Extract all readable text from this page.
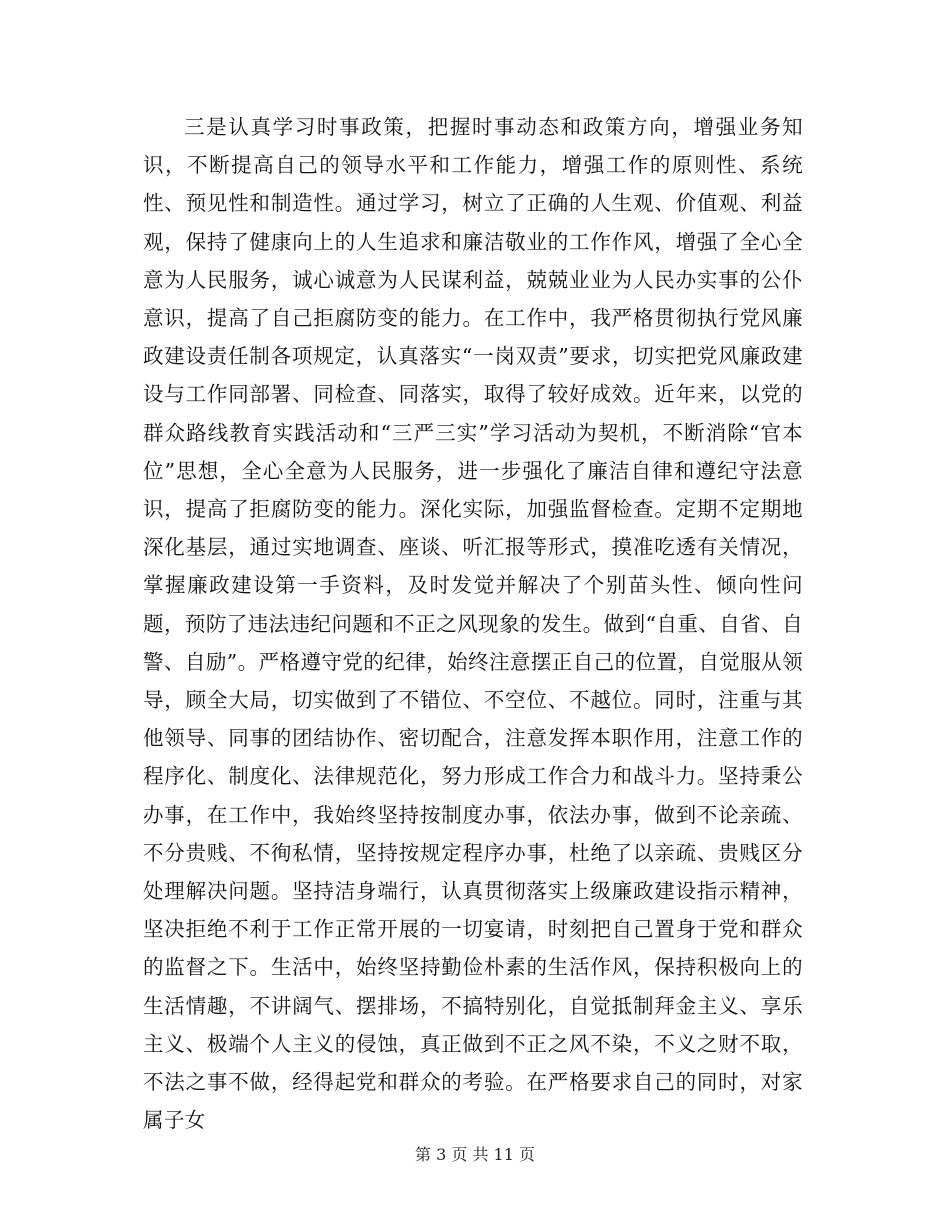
三是认真学习时事政策，把握时事动态和政策方向，增强业务知识，不断提高自己的领导水平和工作能力，增强工作的原则性、系统性、预见性和制造性。通过学习，树立了正确的人生观、价值观、利益观，保持了健康向上的人生追求和廉洁敬业的工作作风，增强了全心全意为人民服务，诚心诚意为人民谋利益，兢兢业业为人民办实事的公仆意识，提高了自己拒腐防变的能力。在工作中，我严格贯彻执行党风廉政建设责任制各项规定，认真落实“一岗双责”要求，切实把党风廉政建设与工作同部署、同检查、同落实，取得了较好成效。近年来，以党的群众路线教育实践活动和“三严三实”学习活动为契机，不断消除“官本位”思想，全心全意为人民服务，进一步强化了廉洁自律和遵纪守法意识，提高了拒腐防变的能力。深化实际，加强监督检查。定期不定期地深化基层，通过实地调查、座谈、听汇报等形式，摸准吃透有关情况，掌握廉政建设第一手资料，及时发觉并解决了个别苗头性、倾向性问题，预防了违法违纪问题和不正之风现象的发生。做到“自重、自省、自警、自励”。严格遵守党的纪律，始终注意摆正自己的位置，自觉服从领导，顾全大局，切实做到了不错位、不空位、不越位。同时，注重与其他领导、同事的团结协作、密切配合，注意发挥本职作用，注意工作的程序化、制度化、法律规范化，努力形成工作合力和战斗力。坚持秉公办事，在工作中，我始终坚持按制度办事，依法办事，做到不论亲疏、不分贵贱、不徇私情，坚持按规定程序办事，杜绝了以亲疏、贵贱区分处理解决问题。坚持洁身端行，认真贯彻落实上级廉政建设指示精神，坚决拒绝不利于工作正常开展的一切宴请，时刻把自己置身于党和群众的监督之下。生活中，始终坚持勤俭朴素的生活作风，保持积极向上的生活情趣，不讲阔气、摆排场，不搞特别化，自觉抵制拜金主义、享乐主义、极端个人主义的侵蚀，真正做到不正之风不染，不义之财不取，不法之事不做，经得起党和群众的考验。在严格要求自己的同时，对家属子女

第 3 页 共 11 页
